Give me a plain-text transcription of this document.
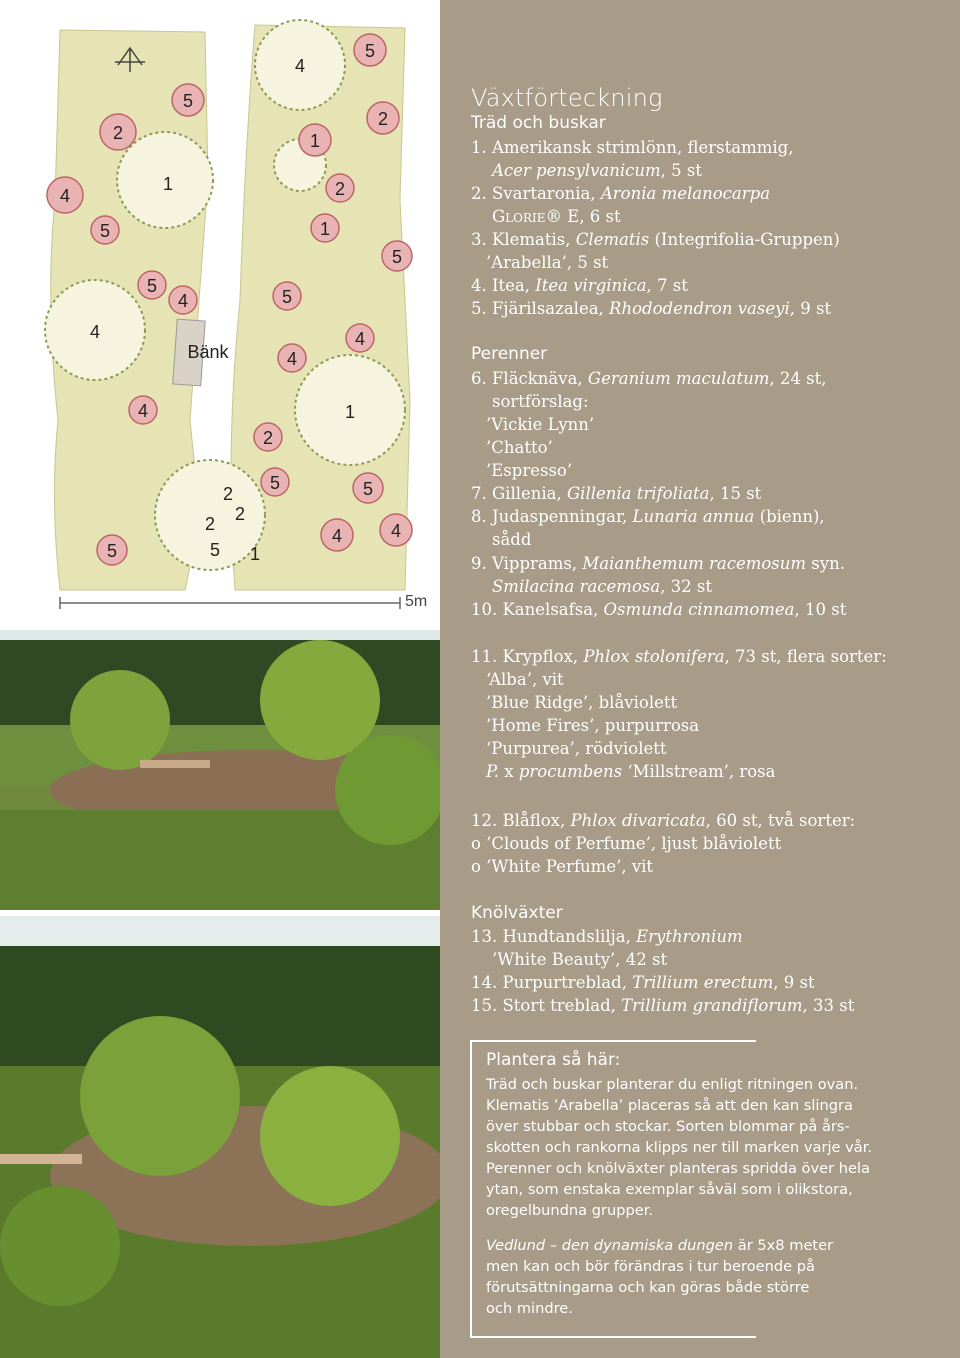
1
2
4
5
5
5
4
4
4
5
1
2
1
5
4
2
5
5
2
5
4
5
4	4
4
1
2
2
2
1
5
Bänk
5m
Växtförteckning
Träd och buskar
1. Amerikansk strimlönn, flerstammig,
Acer pensylvanicum, 5 st
2. Svartaronia, Aronia melanocarpa
Glorie® E, 6 st
3. Klematis, Clematis (Integrifolia-Gruppen)
’Arabella’, 5 st
4. Itea, Itea virginica, 7 st
5. Fjärilsazalea, Rhododendron vaseyi, 9 st
Perenner
6. Fläcknäva, Geranium maculatum, 24 st,
sortförslag:
’Vickie Lynn’
’Chatto’
’Espresso’
7. Gillenia, Gillenia trifoliata, 15 st
8. Judaspenningar, Lunaria annua (bienn),
sådd
9. Vipprams, Maianthemum racemosum syn.
Smilacina racemosa, 32 st
10. Kanelsafsa, Osmunda cinnamomea, 10 st
11. Krypflox, Phlox stolonifera, 73 st, flera sorter:
‘Alba’, vit
’Blue Ridge’, blåviolett
’Home Fires’, purpurrosa
‘Purpurea’, rödviolett
P. x procumbens ‘Millstream’, rosa
12. Blåflox, Phlox divaricata, 60 st, två sorter:
o ’Clouds of Perfume’, ljust blåviolett
o ’White Perfume’, vit
Knölväxter
13. Hundtandslilja, Erythronium
’White Beauty’, 42 st
14. Purpurtreblad, Trillium erectum, 9 st
15. Stort treblad, Trillium grandiflorum, 33 st
Plantera så här:
Träd och buskar planterar du enligt ritningen ovan.
Klematis ’Arabella’ placeras så att den kan slingra
över stubbar och stockar. Sorten blommar på års-
skotten och rankorna klipps ner till marken varje vår.
Perenner och knölväxter planteras spridda över hela
ytan, som enstaka exemplar såväl som i olikstora,
oregelbundna grupper.
Vedlund – den dynamiska dungen är 5x8 meter
men kan och bör förändras i tur beroende på
förutsättningarna och kan göras både större
och mindre.
